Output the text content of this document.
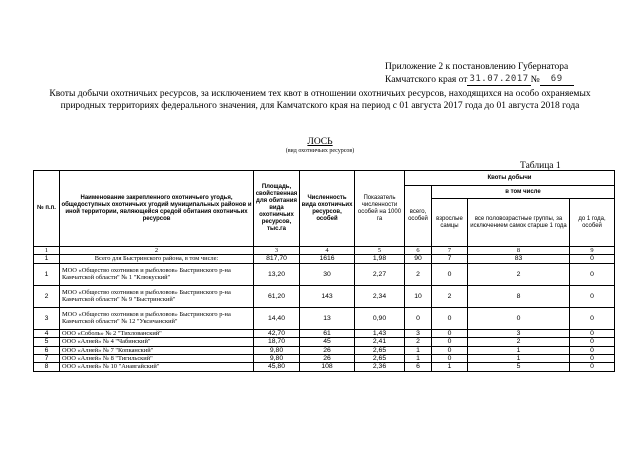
Приложение 2 к постановлению Губернатора
Камчатского края от 31.07.2017 №	69
Квоты добычи охотничьих ресурсов, за исключением тех квот в отношении охотничьих ресурсов, находящихся на особо охраняемых природных территориях федерального значения, для Камчатского края на период с 01 августа 2017 года до 01 августа 2018 года
ЛОСЬ
(вид охотничьих ресурсов)
Таблица 1
№ п.п.	Наименование закрепленного охотничьего угодья, общедоступных охотничьих угодий муниципальных районов и иной территории, являющейся средой обитания охотничьих ресурсов	Площадь, свойственная для обитания вида охотничьих ресурсов, тыс.га	Численность вида охотничьих ресурсов, особей	Показатель численности особей на 1000 га	Квоты добычи			
					всего, особей	в том числе		
						взрослые самцы	все половозрастные группы, за исключением самок старше 1 года	до 1 года, особей
1	2	3	4	5	6	7	8	9
1	Всего для Быстринского района, в том числе:	817,70	1616	1,98	90	7	83	0
1	МОО «Общество охотников и рыболовов» Быстринского р-на Камчатской области" № 1 "Клюкуский"	13,20	30	2,27	2	0	2	0
2	МОО «Общество охотников и рыболовов» Быстринского р-на Камчатской области" № 9 "Быстринский"	61,20	143	2,34	10	2	8	0
3	МОО «Общество охотников и рыболовов» Быстринского р-на Камчатской области" № 12 "Уксичанский"	14,40	13	0,90	0	0	0	0
4	ООО «Соболь» № 2 "Тихлованский"	42,70	61	1,43	3	0	3	0
5	ООО «Алней» № 4 "Чабинский"	18,70	45	2,41	2	0	2	0
6	ООО «Алней» № 7 "Копканский"	9,80	26	2,65	1	0	1	0
7	ООО «Алней» № 8 "Тигильский"	9,80	26	2,65	1	0	1	0
8	ООО «Алней» № 10 "Анавгайский"	45,80	108	2,36	6	1	5	0
